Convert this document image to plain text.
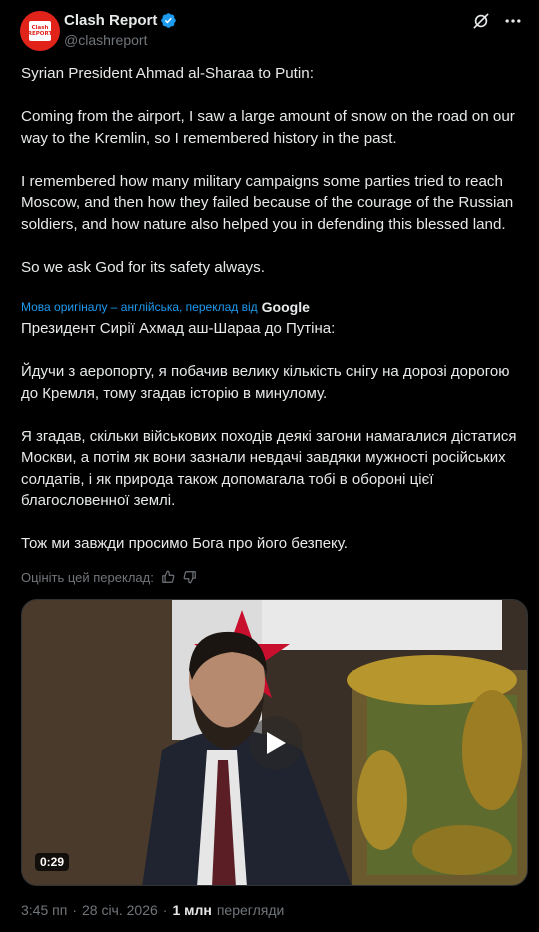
Clash
REPORT
Clash Report
@clashreport
Syrian President Ahmad al-Sharaa to Putin:

Coming from the airport, I saw a large amount of snow on the road on our way to the Kremlin, so I remembered history in the past.

I remembered how many military campaigns some parties tried to reach Moscow, and then how they failed because of the courage of the Russian soldiers, and how nature also helped you in defending this blessed land.

So we ask God for its safety always.
Мова оригіналу – англійська, переклад від Google
Президент Сирії Ахмад аш-Шараа до Путіна:

Йдучи з аеропорту, я побачив велику кількість снігу на дорозі дорогою до Кремля, тому згадав історію в минулому.

Я згадав, скільки військових походів деякі загони намагалися дістатися Москви, а потім як вони зазнали невдачі завдяки мужності російських солдатів, і як природа також допомагала тобі в обороні цієї благословенної землі.

Тож ми завжди просимо Бога про його безпеку.
Оцініть цей переклад:
0:29
3:45 пп · 28 січ. 2026 · 1 млн перегляди
